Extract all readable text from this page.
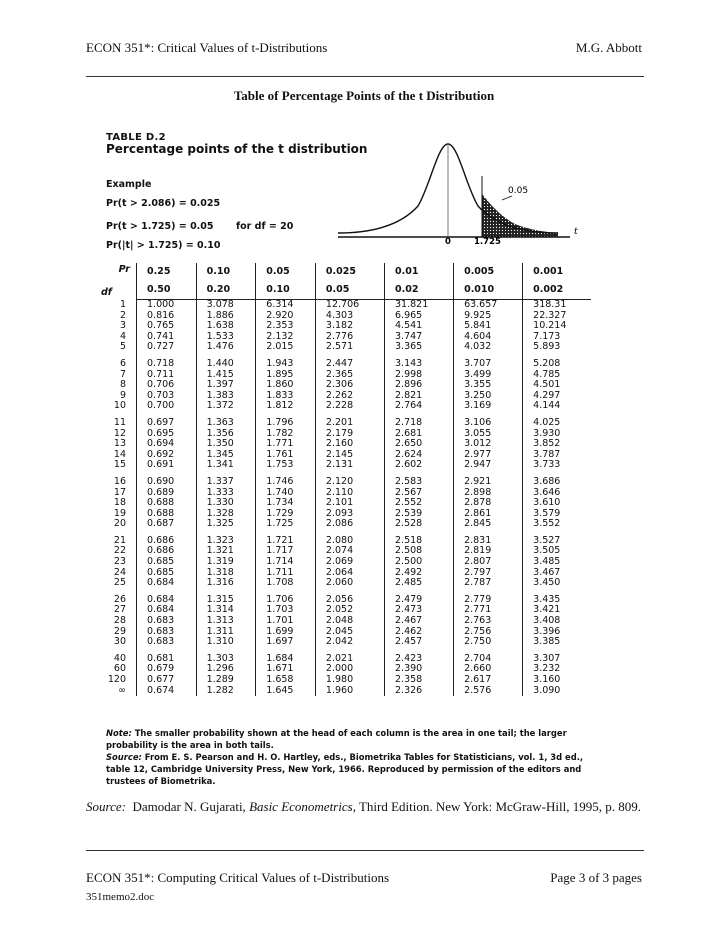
ECON 351*: Critical Values of t-Distributions	M.G. Abbott
Table of Percentage Points of the t Distribution
TABLE D.2
Percentage points of the t distribution
Example
Pr(t > 2.086) = 0.025
Pr(t > 1.725) = 0.05 for df = 20
Pr(|t| > 1.725) = 0.10
0.05
0	1.725
t
Pr
df	0.25	0.10	0.05	0.025	0.01	0.005	0.001
	0.50	0.20	0.10	0.05	0.02	0.010	0.002
1	1.000	3.078	6.314	12.706	31.821	63.657	318.31
2	0.816	1.886	2.920	4.303	6.965	9.925	22.327
3	0.765	1.638	2.353	3.182	4.541	5.841	10.214
4	0.741	1.533	2.132	2.776	3.747	4.604	7.173
5	0.727	1.476	2.015	2.571	3.365	4.032	5.893
6	0.718	1.440	1.943	2.447	3.143	3.707	5.208
7	0.711	1.415	1.895	2.365	2.998	3.499	4.785
8	0.706	1.397	1.860	2.306	2.896	3.355	4.501
9	0.703	1.383	1.833	2.262	2.821	3.250	4.297
10	0.700	1.372	1.812	2.228	2.764	3.169	4.144
11	0.697	1.363	1.796	2.201	2.718	3.106	4.025
12	0.695	1.356	1.782	2.179	2.681	3.055	3.930
13	0.694	1.350	1.771	2.160	2.650	3.012	3.852
14	0.692	1.345	1.761	2.145	2.624	2.977	3.787
15	0.691	1.341	1.753	2.131	2.602	2.947	3.733
16	0.690	1.337	1.746	2.120	2.583	2.921	3.686
17	0.689	1.333	1.740	2.110	2.567	2.898	3.646
18	0.688	1.330	1.734	2.101	2.552	2.878	3.610
19	0.688	1.328	1.729	2.093	2.539	2.861	3.579
20	0.687	1.325	1.725	2.086	2.528	2.845	3.552
21	0.686	1.323	1.721	2.080	2.518	2.831	3.527
22	0.686	1.321	1.717	2.074	2.508	2.819	3.505
23	0.685	1.319	1.714	2.069	2.500	2.807	3.485
24	0.685	1.318	1.711	2.064	2.492	2.797	3.467
25	0.684	1.316	1.708	2.060	2.485	2.787	3.450
26	0.684	1.315	1.706	2.056	2.479	2.779	3.435
27	0.684	1.314	1.703	2.052	2.473	2.771	3.421
28	0.683	1.313	1.701	2.048	2.467	2.763	3.408
29	0.683	1.311	1.699	2.045	2.462	2.756	3.396
30	0.683	1.310	1.697	2.042	2.457	2.750	3.385
40	0.681	1.303	1.684	2.021	2.423	2.704	3.307
60	0.679	1.296	1.671	2.000	2.390	2.660	3.232
120	0.677	1.289	1.658	1.980	2.358	2.617	3.160
∞	0.674	1.282	1.645	1.960	2.326	2.576	3.090
Note: The smaller probability shown at the head of each column is the area in one tail; the larger probability is the area in both tails.
Source: From E. S. Pearson and H. O. Hartley, eds., Biometrika Tables for Statisticians, vol. 1, 3d ed., table 12, Cambridge University Press, New York, 1966. Reproduced by permission of the editors and trustees of Biometrika.
Source: Damodar N. Gujarati, Basic Econometrics, Third Edition. New York: McGraw-Hill, 1995, p. 809.
ECON 351*: Computing Critical Values of t-Distributions	Page 3 of 3 pages
351memo2.doc
